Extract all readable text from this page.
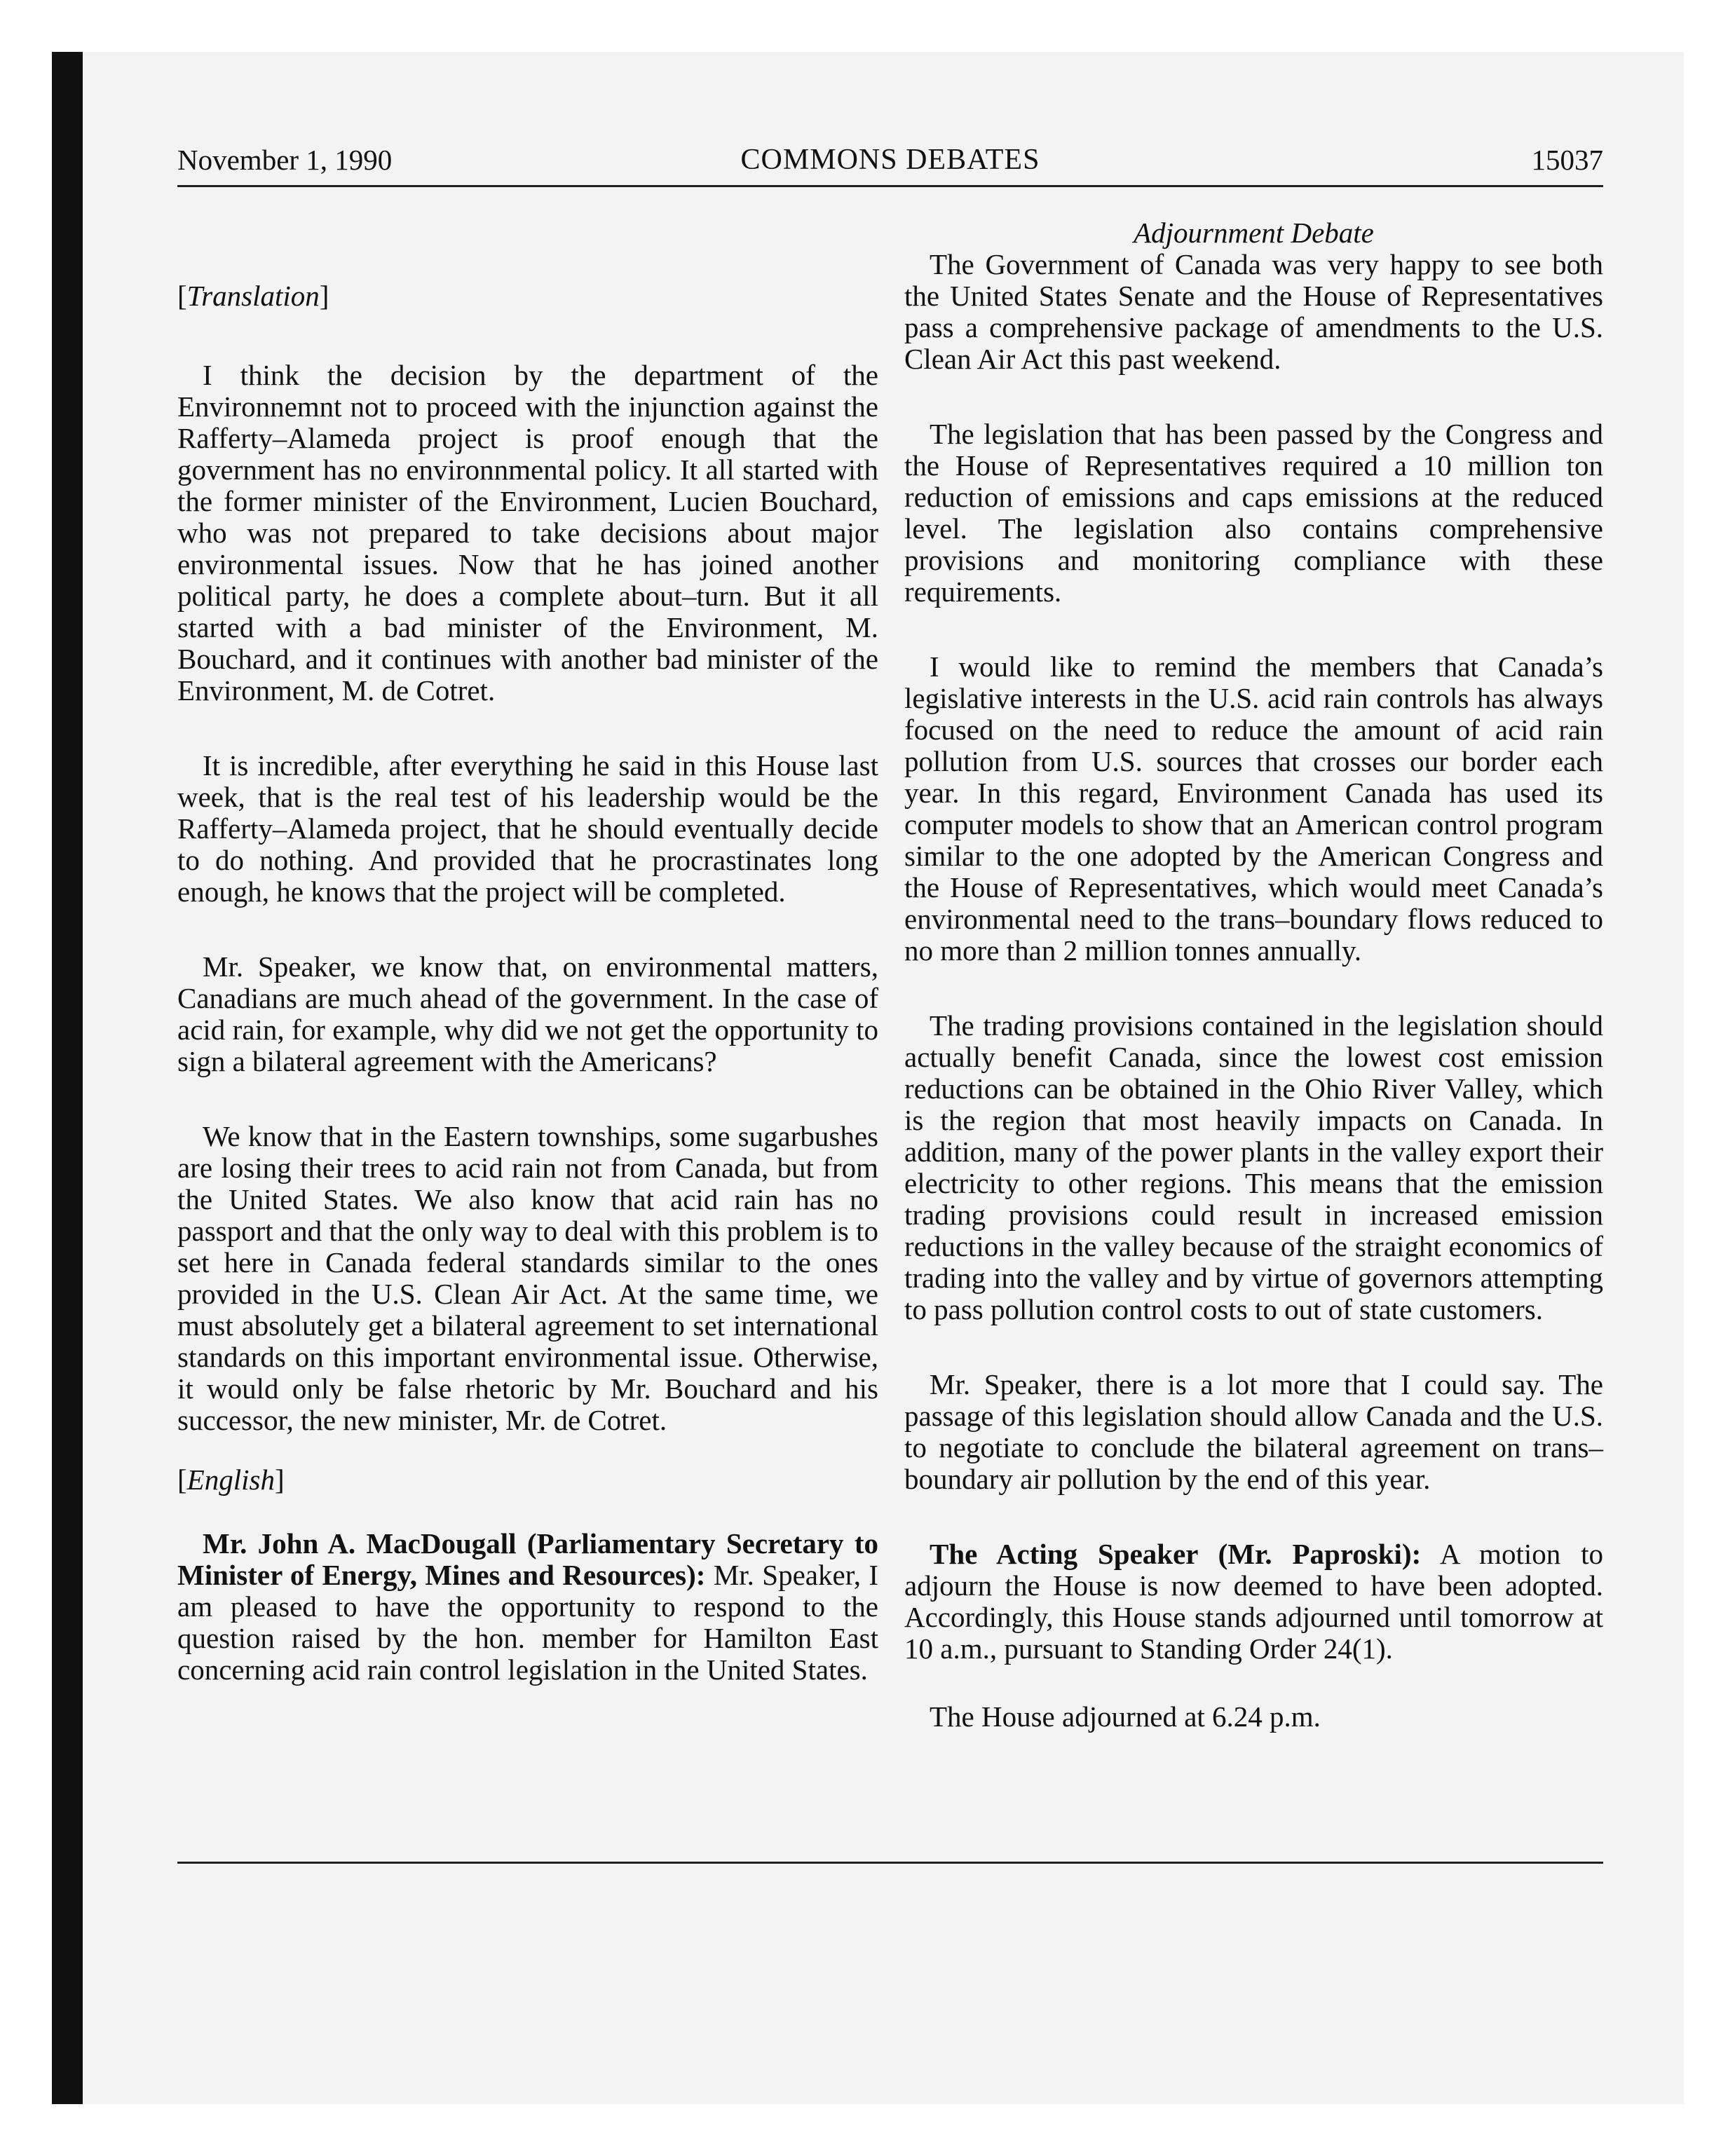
November 1, 1990	COMMONS DEBATES	15037

[Translation]

I think the decision by the department of the Environnemnt not to proceed with the injunction against the Rafferty–Alameda project is proof enough that the government has no environnmental policy. It all started with the former minister of the Environment, Lucien Bouchard, who was not prepared to take decisions about major environmental issues. Now that he has joined another political party, he does a complete about–turn. But it all started with a bad minister of the Environment, M. Bouchard, and it continues with another bad minister of the Environment, M. de Cotret.

It is incredible, after everything he said in this House last week, that is the real test of his leadership would be the Rafferty–Alameda project, that he should eventually decide to do nothing. And provided that he procrastinates long enough, he knows that the project will be completed.

Mr. Speaker, we know that, on environmental matters, Canadians are much ahead of the government. In the case of acid rain, for example, why did we not get the opportunity to sign a bilateral agreement with the Americans?

We know that in the Eastern townships, some sugarbushes are losing their trees to acid rain not from Canada, but from the United States. We also know that acid rain has no passport and that the only way to deal with this problem is to set here in Canada federal standards similar to the ones provided in the U.S. Clean Air Act. At the same time, we must absolutely get a bilateral agreement to set international standards on this important environmental issue. Otherwise, it would only be false rhetoric by Mr. Bouchard and his successor, the new minister, Mr. de Cotret.

[English]

Mr. John A. MacDougall (Parliamentary Secretary to Minister of Energy, Mines and Resources): Mr. Speaker, I am pleased to have the opportunity to respond to the question raised by the hon. member for Hamilton East concerning acid rain control legislation in the United States.

Adjournment Debate

The Government of Canada was very happy to see both the United States Senate and the House of Representatives pass a comprehensive package of amendments to the U.S. Clean Air Act this past weekend.

The legislation that has been passed by the Congress and the House of Representatives required a 10 million ton reduction of emissions and caps emissions at the reduced level. The legislation also contains comprehensive provisions and monitoring compliance with these requirements.

I would like to remind the members that Canada’s legislative interests in the U.S. acid rain controls has always focused on the need to reduce the amount of acid rain pollution from U.S. sources that crosses our border each year. In this regard, Environment Canada has used its computer models to show that an American control program similar to the one adopted by the American Congress and the House of Representatives, which would meet Canada’s environmental need to the trans–boundary flows reduced to no more than 2 million tonnes annually.

The trading provisions contained in the legislation should actually benefit Canada, since the lowest cost emission reductions can be obtained in the Ohio River Valley, which is the region that most heavily impacts on Canada. In addition, many of the power plants in the valley export their electricity to other regions. This means that the emission trading provisions could result in increased emission reductions in the valley because of the straight economics of trading into the valley and by virtue of governors attempting to pass pollution control costs to out of state customers.

Mr. Speaker, there is a lot more that I could say. The passage of this legislation should allow Canada and the U.S. to negotiate to conclude the bilateral agreement on trans–boundary air pollution by the end of this year.

The Acting Speaker (Mr. Paproski): A motion to adjourn the House is now deemed to have been adopted. Accordingly, this House stands adjourned until tomorrow at 10 a.m., pursuant to Standing Order 24(1).

The House adjourned at 6.24 p.m.
